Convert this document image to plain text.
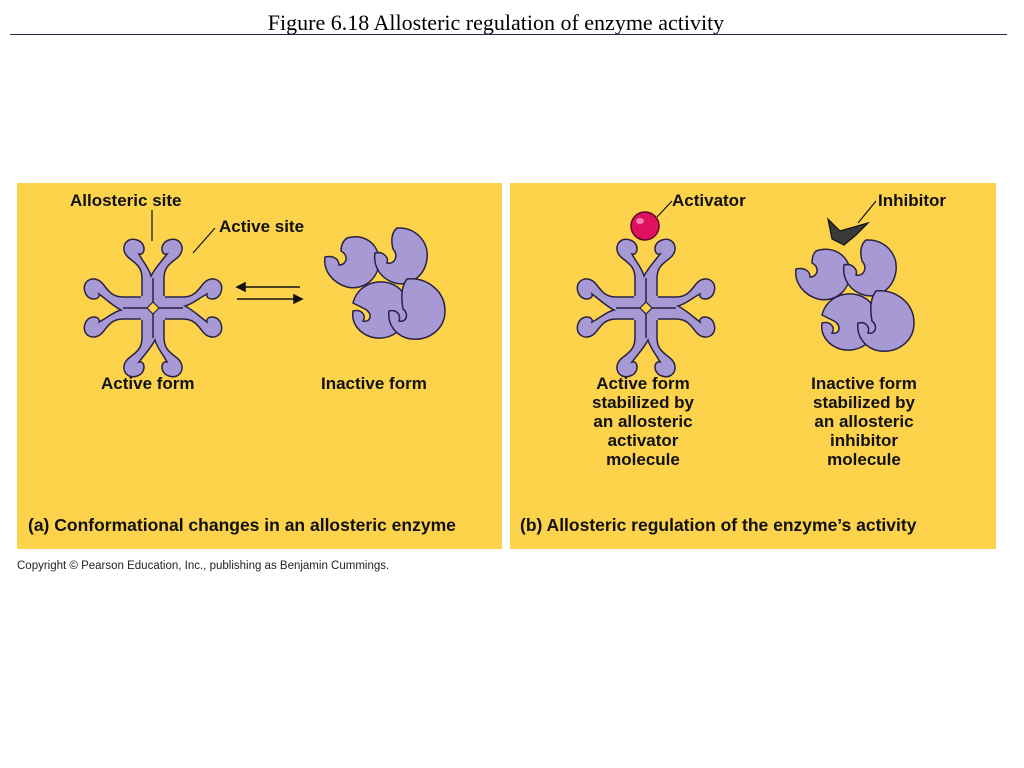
Figure 6.18 Allosteric regulation of enzyme activity
Allosteric site
Active site
Active form	Inactive form
(a) Conformational changes in an allosteric enzyme
Activator	Inhibitor
Active form
stabilized by
an allosteric
activator
molecule
Inactive form
stabilized by
an allosteric
inhibitor
molecule
(b) Allosteric regulation of the enzyme’s activity
Copyright © Pearson Education, Inc., publishing as Benjamin Cummings.
